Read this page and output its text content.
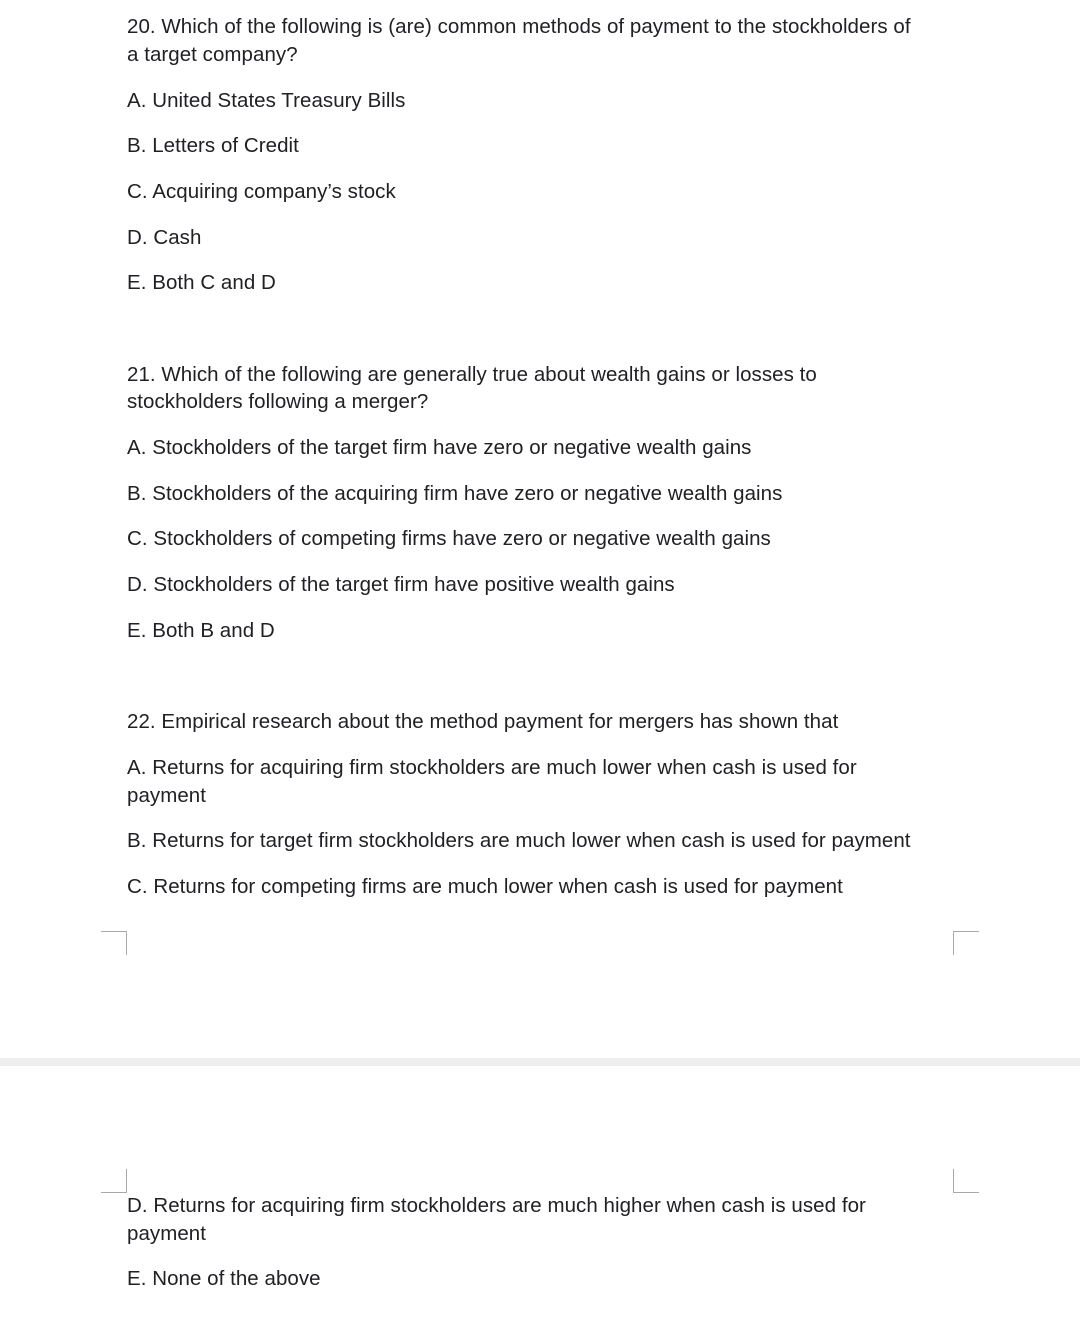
20. Which of the following is (are) common methods of payment to the stockholders of

a target company?

A. United States Treasury Bills

B. Letters of Credit

C. Acquiring company’s stock

D. Cash

E. Both C and D

21. Which of the following are generally true about wealth gains or losses to

stockholders following a merger?

A. Stockholders of the target firm have zero or negative wealth gains

B. Stockholders of the acquiring firm have zero or negative wealth gains

C. Stockholders of competing firms have zero or negative wealth gains

D. Stockholders of the target firm have positive wealth gains

E. Both B and D

22. Empirical research about the method payment for mergers has shown that

A. Returns for acquiring firm stockholders are much lower when cash is used for

payment

B. Returns for target firm stockholders are much lower when cash is used for payment

C. Returns for competing firms are much lower when cash is used for payment

D. Returns for acquiring firm stockholders are much higher when cash is used for

payment

E. None of the above
